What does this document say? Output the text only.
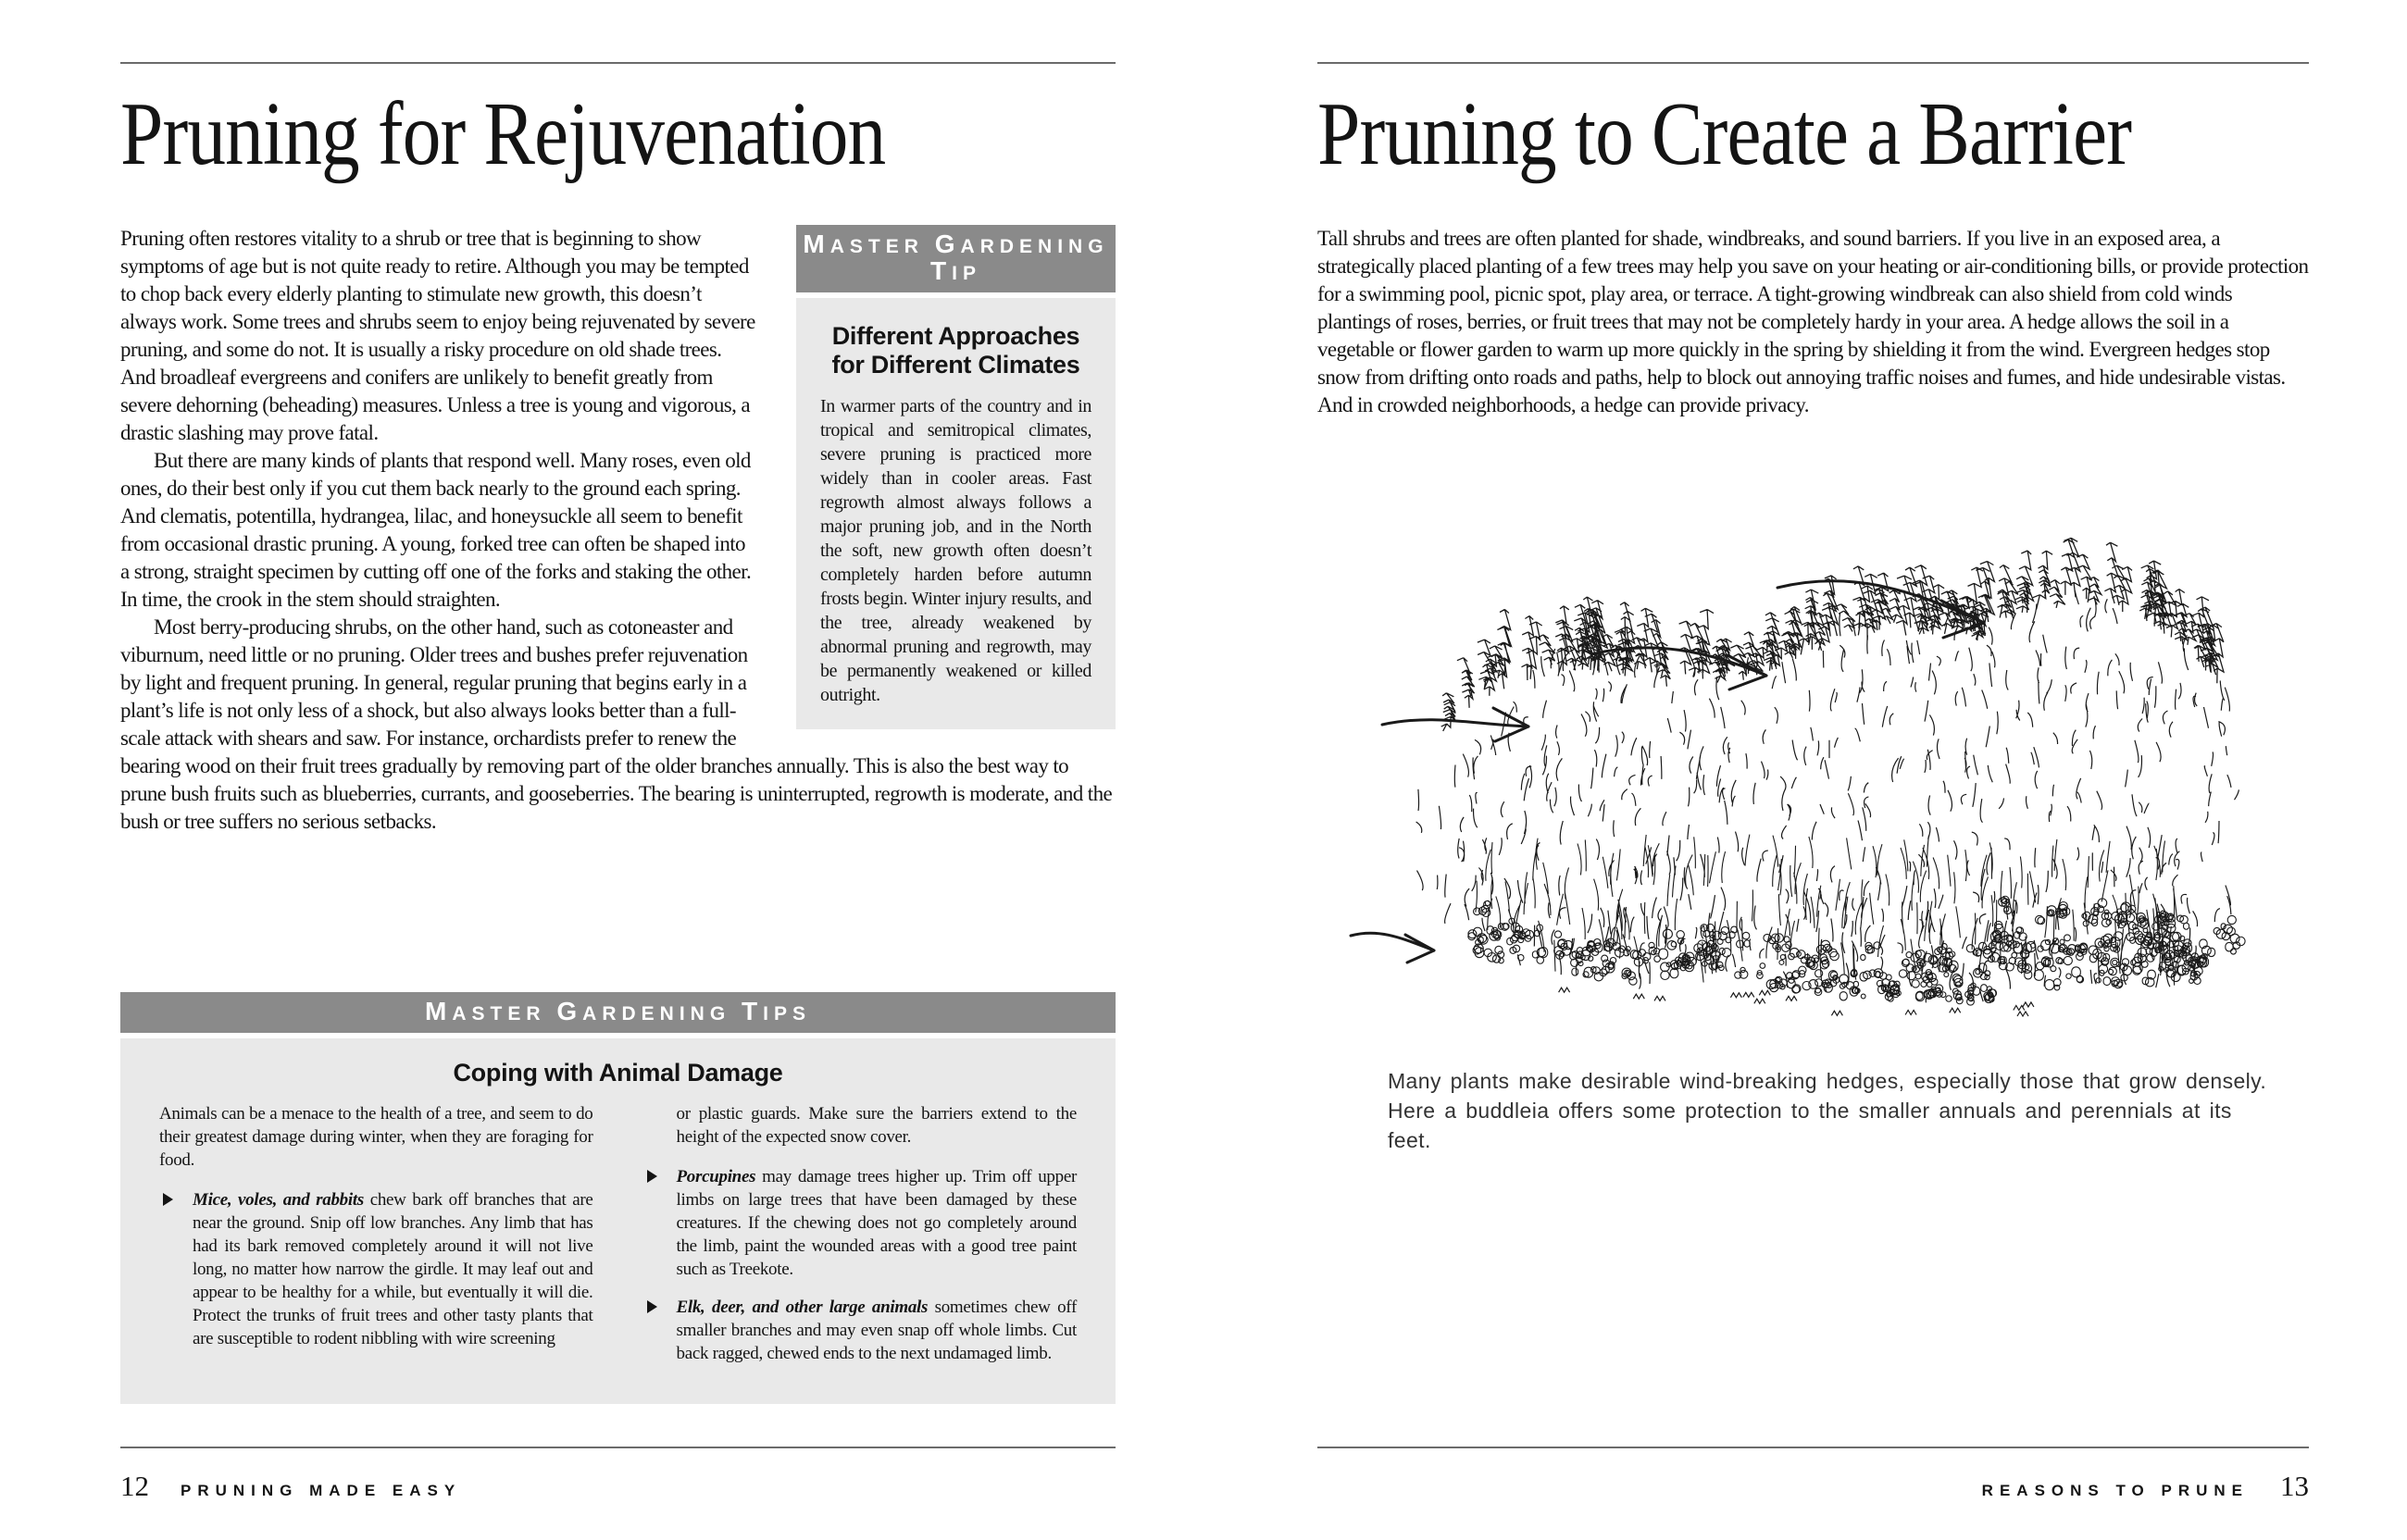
Pruning for Rejuvenation
MASTER GARDENING TIP
Different Approaches for Different Climates
In warmer parts of the country and in tropical and semitropical climates, severe pruning is practiced more widely than in cooler areas. Fast regrowth almost always follows a major pruning job, and in the North the soft, new growth often doesn’t completely harden before autumn frosts begin. Winter injury results, and the tree, already weakened by abnormal pruning and regrowth, may be permanently weakened or killed outright.

Pruning often restores vitality to a shrub or tree that is beginning to show symptoms of age but is not quite ready to retire. Although you may be tempted to chop back every elderly planting to stimulate new growth, this doesn’t always work. Some trees and shrubs seem to enjoy being rejuvenated by severe pruning, and some do not. It is usually a risky procedure on old shade trees. And broadleaf evergreens and conifers are unlikely to benefit greatly from severe dehorning (beheading) measures. Unless a tree is young and vigorous, a drastic slashing may prove fatal.

But there are many kinds of plants that respond well. Many roses, even old ones, do their best only if you cut them back nearly to the ground each spring. And clematis, potentilla, hydrangea, lilac, and honeysuckle all seem to benefit from occasional drastic pruning. A young, forked tree can often be shaped into a strong, straight specimen by cutting off one of the forks and staking the other. In time, the crook in the stem should straighten.

Most berry-producing shrubs, on the other hand, such as cotoneaster and viburnum, need little or no pruning. Older trees and bushes prefer rejuvenation by light and frequent pruning. In general, regular pruning that begins early in a plant’s life is not only less of a shock, but also always looks better than a full-scale attack with shears and saw. For instance, orchardists prefer to renew the bearing wood on their fruit trees gradually by removing part of the older branches annually. This is also the best way to prune bush fruits such as blueberries, currants, and gooseberries. The bearing is uninterrupted, regrowth is moderate, and the bush or tree suffers no serious setbacks.

MASTER GARDENING TIPS
Coping with Animal Damage

Animals can be a menace to the health of a tree, and seem to do their greatest damage during winter, when they are foraging for food.

Mice, voles, and rabbits chew bark off branches that are near the ground. Snip off low branches. Any limb that has had its bark removed completely around it will not live long, no matter how narrow the girdle. It may leaf out and appear to be healthy for a while, but eventually it will die. Protect the trunks of fruit trees and other tasty plants that are susceptible to rodent nibbling with wire screening

or plastic guards. Make sure the barriers extend to the height of the expected snow cover.

Porcupines may damage trees higher up. Trim off upper limbs on large trees that have been damaged by these creatures. If the chewing does not go completely around the limb, paint the wounded areas with a good tree paint such as Treekote.
Elk, deer, and other large animals sometimes chew off smaller branches and may even snap off whole limbs. Cut back ragged, chewed ends to the next undamaged limb.
Pruning to Create a Barrier

Tall shrubs and trees are often planted for shade, windbreaks, and sound barriers. If you live in an exposed area, a strategically placed planting of a few trees may help you save on your heating or air-conditioning bills, or provide protection for a swimming pool, picnic spot, play area, or terrace. A tight-growing windbreak can also shield from cold winds plantings of roses, berries, or fruit trees that may not be completely hardy in your area. A hedge allows the soil in a vegetable or flower garden to warm up more quickly in the spring by shielding it from the wind. Evergreen hedges stop snow from drifting onto roads and paths, help to block out annoying traffic noises and fumes, and hide undesirable vistas. And in crowded neighborhoods, a hedge can provide privacy.

Many plants make desirable wind-breaking hedges, especially those that grow densely. Here a buddleia offers some protection to the smaller annuals and perennials at its feet.
12 PRUNING MADE EASY	REASONS TO PRUNE 13
